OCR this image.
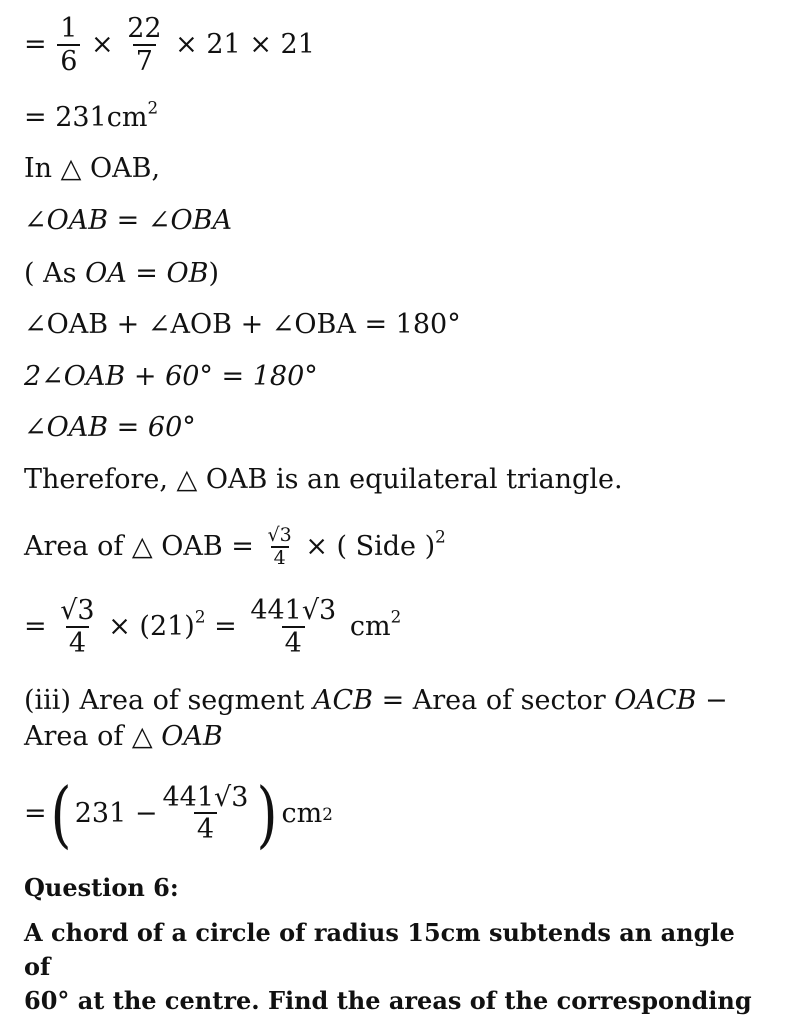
= $\frac{1}{6} \times \frac{22}{7} \times 21 \times 21$
= $231cm^2$
In △ OAB,
∠OAB = ∠OBA
( As OA = OB)
∠OAB + ∠AOB + ∠OBA = 180°
2∠OAB + 60° = 180°
∠OAB = 60°
Therefore, △ OAB is an equilateral triangle.
Area of △ OAB = $\frac{√3}{4}$ × ( Side )$^2$
= $\frac{√3}{4} \times (21)^2 = \frac{441√3}{4} cm^2$
(iii) Area of segment ACB = Area of sector OACB −
Area of △ OAB
= ( $231 - \frac{441√3}{4}$ ) cm 2
Question 6:
A chord of a circle of radius 15cm subtends an angle of
60° at the centre. Find the areas of the corresponding
